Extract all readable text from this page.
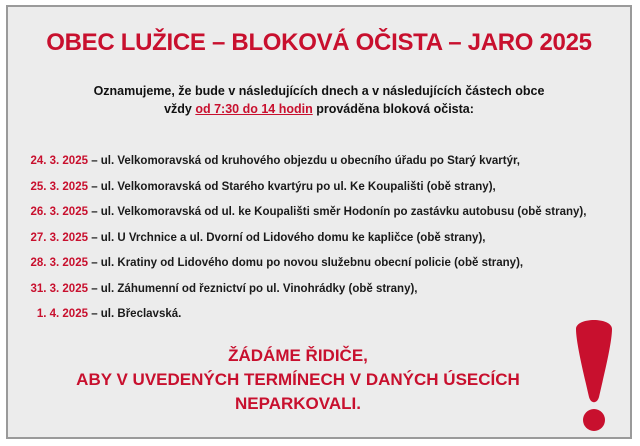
OBEC LUŽICE – BLOKOVÁ OČISTA – JARO 2025
Oznamujeme, že bude v následujících dnech a v následujících částech obce
vždy od 7:30 do 14 hodin prováděna bloková očista:
24. 3. 2025 – ul. Velkomoravská od kruhového objezdu u obecního úřadu po Starý kvartýr,
25. 3. 2025 – ul. Velkomoravská od Starého kvartýru po ul. Ke Koupališti (obě strany),
26. 3. 2025 – ul. Velkomoravská od ul. ke Koupališti směr Hodonín po zastávku autobusu (obě strany),
27. 3. 2025 – ul. U Vrchnice a ul. Dvorní od Lidového domu ke kapličce (obě strany),
28. 3. 2025 – ul. Kratiny od Lidového domu po novou služebnu obecní policie (obě strany),
31. 3. 2025 – ul. Záhumenní od řeznictví po ul. Vinohrádky (obě strany),
1. 4. 2025 – ul. Břeclavská.
ŽÁDÁME ŘIDIČE,
ABY V UVEDENÝCH TERMÍNECH V DANÝCH ÚSECÍCH
NEPARKOVALI.
